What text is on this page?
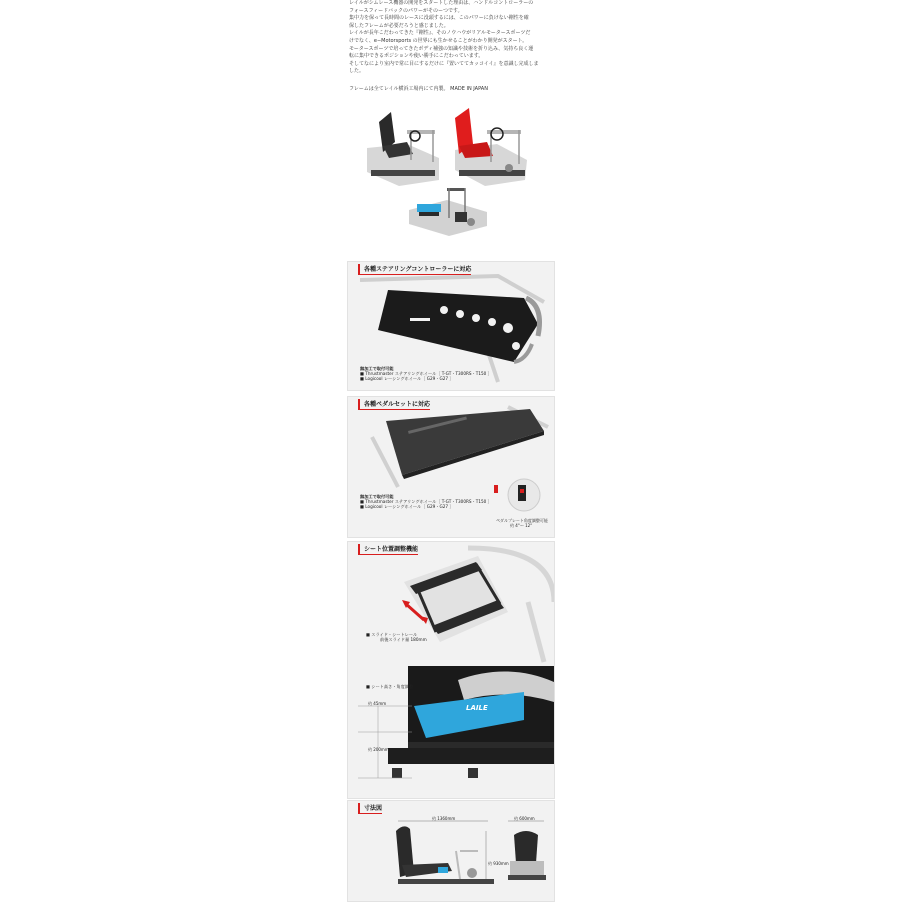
レイルがシムレース機器の開発をスタートした理由は、ハンドルコントローラーの

フォースフィードバックのパワーがそのーつです。

集中力を保って長時間のレースに没頭するには、このパワーに負けない剛性を確

保したフレームが必要だろうと感じました。

レイルが長年こだわってきた『剛性』、そのノウハウがリアルモータースポーツだ

けでなく、e−Motorsports の世界にも生かせることがわかり開発がスタート。

モータースポーツで培ってきたボディ補強の知識や技術を折り込み、気持ち良く運

転に集中できるポジションや使い勝手にこだわっています。

そしてなにより室内で常に目にするだけに『置いててカッコイイ』を意識し完成しま

した。

フレームは全てレイル横浜工場内にて内製。 MADE IN JAPAN
各種ステアリングコントローラーに対応
無加工で取付可能
■ Thrustmaster ステアリングホイール［ T-GT・T300RS・T150 ］
■ Logicool レーシングホイール［ G29・G27 ］
各種ペダルセットに対応
無加工で取付可能
■ Thrustmaster ステアリングホイール［ T-GT・T300RS・T150 ］
■ Logicool レーシングホイール［ G29・G27 ］
ペダルプレート角度調整可能
約 4°～ 12°
シート位置調整機能
■ スライド・シートレール
前後スライド量 180mm
■ シート高さ・角度調整
約 45mm
約 200mm
LAILE
寸法図
約 1360mm	約 600mm
約 930mm
